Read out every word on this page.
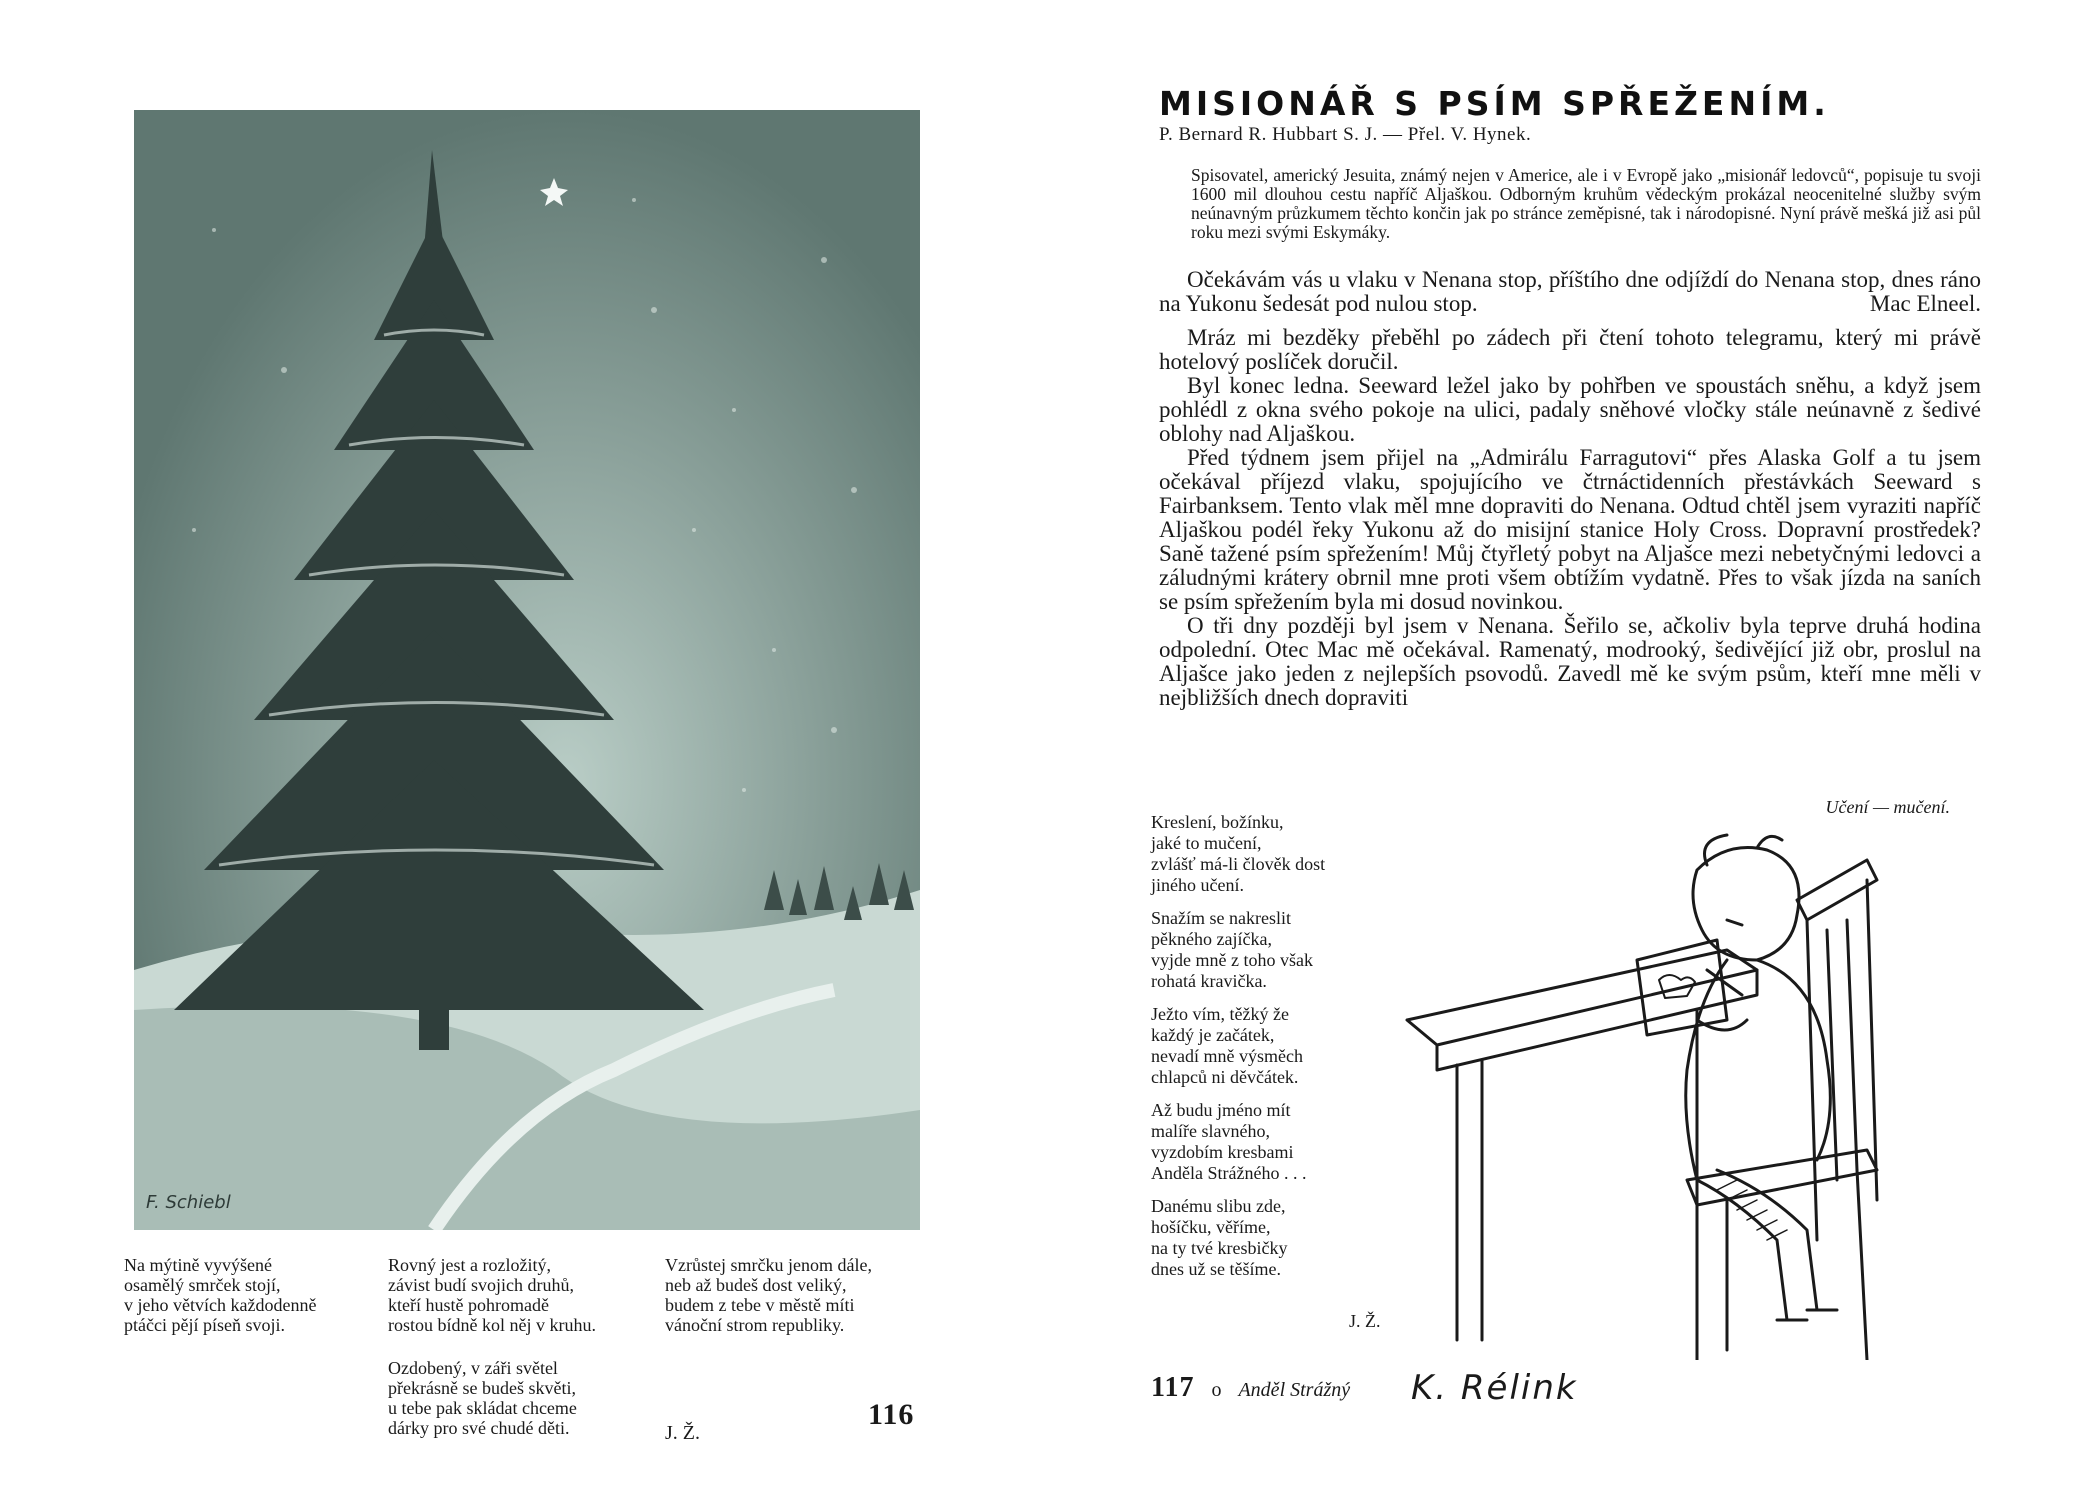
F. Schiebl

Na mýtině vyvýšené
osamělý smrček stojí,
v jeho větvích každodenně
ptáčci pějí píseň svoji.

Rovný jest a rozložitý,
závist budí svojich druhů,
kteří hustě pohromadě
rostou bídně kol něj v kruhu.

Ozdobený, v záři světel
překrásně se budeš skvěti,
u tebe pak skládat chceme
dárky pro své chudé děti.

Vzrůstej smrčku jenom dále,
neb až budeš dost veliký,
budem z tebe v městě míti
vánoční strom republiky.

J. Ž.
116
MISIONÁŘ S PSÍM SPŘEŽENÍM.
P. Bernard R. Hubbart S. J. — Přel. V. Hynek.

Spisovatel, americký Jesuita, známý nejen v Americe, ale i v Evropě jako „misionář ledovců“, popisuje tu svoji 1600 mil dlouhou cestu napříč Aljaškou. Odborným kruhům vědeckým prokázal neocenitelné služby svým neúnavným průzkumem těchto končin jak po stránce zeměpisné, tak i národopisné. Nyní právě mešká již asi půl roku mezi svými Eskymáky.

Očekávám vás u vlaku v Nenana stop, příštího dne odjíždí do Nenana stop, dnes ráno na Yukonu šedesát pod nulou stop.	Mac Elneel.

Mráz mi bezděky přeběhl po zádech při čtení tohoto telegramu, který mi právě hotelový poslíček doručil.

Byl konec ledna. Seeward ležel jako by pohřben ve spoustách sněhu, a když jsem pohlédl z okna svého pokoje na ulici, padaly sněhové vločky stále neúnavně z šedivé oblohy nad Aljaškou.

Před týdnem jsem přijel na „Admirálu Farragutovi“ přes Alaska Golf a tu jsem očekával příjezd vlaku, spojujícího ve čtrnáctidenních přestávkách Seeward s Fairbanksem. Tento vlak měl mne dopraviti do Nenana. Odtud chtěl jsem vyraziti napříč Aljaškou podél řeky Yukonu až do misijní stanice Holy Cross. Dopravní prostředek? Saně tažené psím spřežením! Můj čtyřletý pobyt na Aljašce mezi nebetyčnými ledovci a záludnými krátery obrnil mne proti všem obtížím vydatně. Přes to však jízda na saních se psím spřežením byla mi dosud novinkou.

O tři dny později byl jsem v Nenana. Šeřilo se, ačkoliv byla teprve druhá hodina odpolední. Otec Mac mě očekával. Ramenatý, modrooký, šedivějící již obr, proslul na Aljašce jako jeden z nejlepších psovodů. Zavedl mě ke svým psům, kteří mne měli v nejbližších dnech dopraviti

Učení — mučení.

Kreslení, božínku,
jaké to mučení,
zvlášť má-li člověk dost
jiného učení.

Snažím se nakreslit
pěkného zajíčka,
vyjde mně z toho však
rohatá kravička.

Ježto vím, těžký že
každý je začátek,
nevadí mně výsměch
chlapců ni děvčátek.

Až budu jméno mít
malíře slavného,
vyzdobím kresbami
Anděla Strážného . . .

Danému slibu zde,
hošíčku, věříme,
na ty tvé kresbičky
dnes už se těšíme.

J. Ž.
117 o Anděl Strážný K. Rélink
